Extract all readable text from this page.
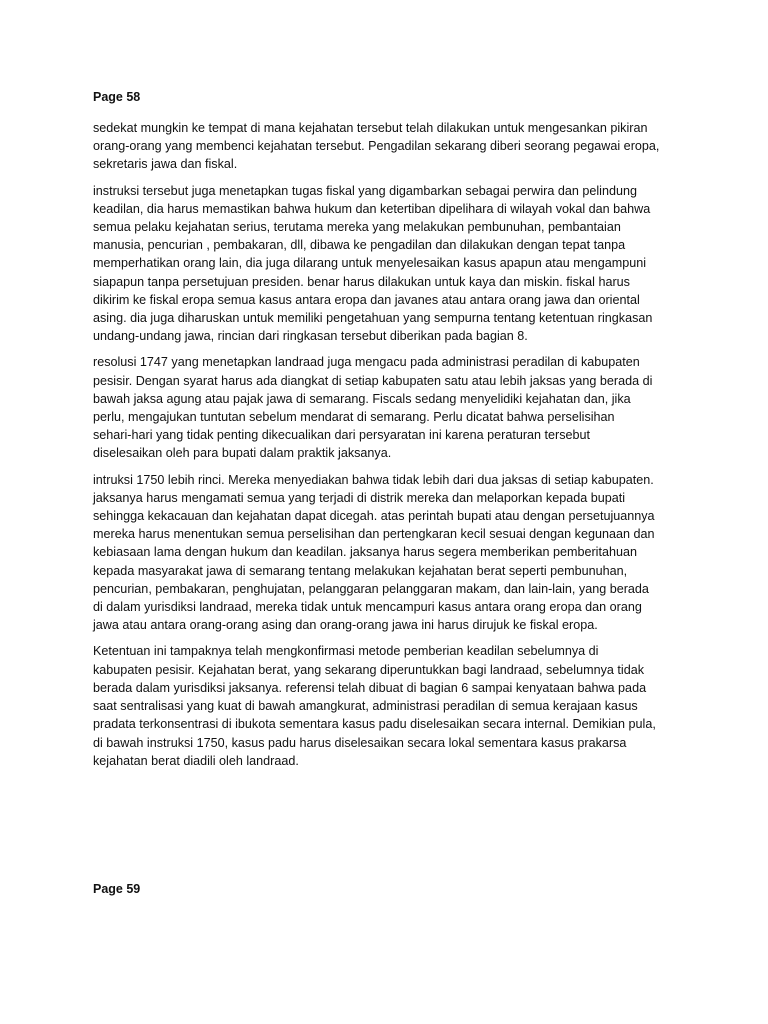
Page 58

sedekat mungkin ke tempat di mana kejahatan tersebut telah dilakukan untuk mengesankan pikiran
orang-orang yang membenci kejahatan tersebut. Pengadilan sekarang diberi seorang pegawai eropa,
sekretaris jawa dan fiskal.

instruksi tersebut juga menetapkan tugas fiskal yang digambarkan sebagai perwira dan pelindung
keadilan, dia harus memastikan bahwa hukum dan ketertiban dipelihara di wilayah vokal dan bahwa
semua pelaku kejahatan serius, terutama mereka yang melakukan pembunuhan, pembantaian
manusia, pencurian , pembakaran, dll, dibawa ke pengadilan dan dilakukan dengan tepat tanpa
memperhatikan orang lain, dia juga dilarang untuk menyelesaikan kasus apapun atau mengampuni
siapapun tanpa persetujuan presiden. benar harus dilakukan untuk kaya dan miskin. fiskal harus
dikirim ke fiskal eropa semua kasus antara eropa dan javanes atau antara orang jawa dan oriental
asing. dia juga diharuskan untuk memiliki pengetahuan yang sempurna tentang ketentuan ringkasan
undang-undang jawa, rincian dari ringkasan tersebut diberikan pada bagian 8.

resolusi 1747 yang menetapkan landraad juga mengacu pada administrasi peradilan di kabupaten
pesisir. Dengan syarat harus ada diangkat di setiap kabupaten satu atau lebih jaksas yang berada di
bawah jaksa agung atau pajak jawa di semarang. Fiscals sedang menyelidiki kejahatan dan, jika
perlu, mengajukan tuntutan sebelum mendarat di semarang. Perlu dicatat bahwa perselisihan
sehari-hari yang tidak penting dikecualikan dari persyaratan ini karena peraturan tersebut
diselesaikan oleh para bupati dalam praktik jaksanya.

intruksi 1750 lebih rinci. Mereka menyediakan bahwa tidak lebih dari dua jaksas di setiap kabupaten.
jaksanya harus mengamati semua yang terjadi di distrik mereka dan melaporkan kepada bupati
sehingga kekacauan dan kejahatan dapat dicegah. atas perintah bupati atau dengan persetujuannya
mereka harus menentukan semua perselisihan dan pertengkaran kecil sesuai dengan kegunaan dan
kebiasaan lama dengan hukum dan keadilan. jaksanya harus segera memberikan pemberitahuan
kepada masyarakat jawa di semarang tentang melakukan kejahatan berat seperti pembunuhan,
pencurian, pembakaran, penghujatan, pelanggaran pelanggaran makam, dan lain-lain, yang berada
di dalam yurisdiksi landraad, mereka tidak untuk mencampuri kasus antara orang eropa dan orang
jawa atau antara orang-orang asing dan orang-orang jawa ini harus dirujuk ke fiskal eropa.

Ketentuan ini tampaknya telah mengkonfirmasi metode pemberian keadilan sebelumnya di
kabupaten pesisir. Kejahatan berat, yang sekarang diperuntukkan bagi landraad, sebelumnya tidak
berada dalam yurisdiksi jaksanya. referensi telah dibuat di bagian 6 sampai kenyataan bahwa pada
saat sentralisasi yang kuat di bawah amangkurat, administrasi peradilan di semua kerajaan kasus
pradata terkonsentrasi di ibukota sementara kasus padu diselesaikan secara internal. Demikian pula,
di bawah instruksi 1750, kasus padu harus diselesaikan secara lokal sementara kasus prakarsa
kejahatan berat diadili oleh landraad.

Page 59
